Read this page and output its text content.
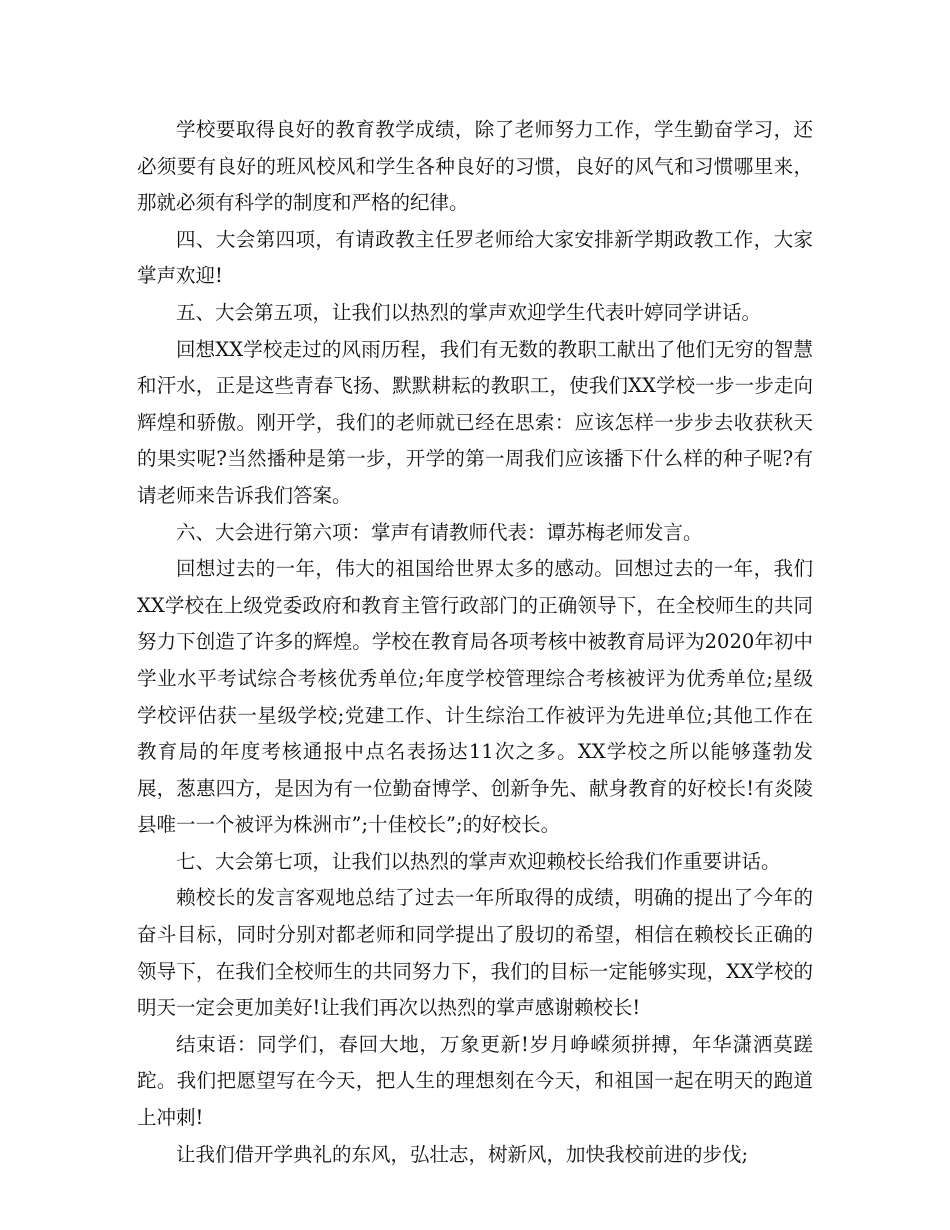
学校要取得良好的教育教学成绩，除了老师努力工作，学生勤奋学习，还必须要有良好的班风校风和学生各种良好的习惯，良好的风气和习惯哪里来，那就必须有科学的制度和严格的纪律。

四、大会第四项，有请政教主任罗老师给大家安排新学期政教工作，大家掌声欢迎!

五、大会第五项，让我们以热烈的掌声欢迎学生代表叶婷同学讲话。

回想XX学校走过的风雨历程，我们有无数的教职工献出了他们无穷的智慧和汗水，正是这些青春飞扬、默默耕耘的教职工，使我们XX学校一步一步走向辉煌和骄傲。刚开学，我们的老师就已经在思索：应该怎样一步步去收获秋天的果实呢?当然播种是第一步，开学的第一周我们应该播下什么样的种子呢?有请老师来告诉我们答案。

六、大会进行第六项：掌声有请教师代表：谭苏梅老师发言。

回想过去的一年，伟大的祖国给世界太多的感动。回想过去的一年，我们XX学校在上级党委政府和教育主管行政部门的正确领导下，在全校师生的共同努力下创造了许多的辉煌。学校在教育局各项考核中被教育局评为2020年初中学业水平考试综合考核优秀单位;年度学校管理综合考核被评为优秀单位;星级学校评估获一星级学校;党建工作、计生综治工作被评为先进单位;其他工作在教育局的年度考核通报中点名表扬达11次之多。XX学校之所以能够蓬勃发展，葱惠四方，是因为有一位勤奋博学、创新争先、献身教育的好校长!有炎陵县唯一一个被评为株洲市”;十佳校长”;的好校长。

七、大会第七项，让我们以热烈的掌声欢迎赖校长给我们作重要讲话。

赖校长的发言客观地总结了过去一年所取得的成绩，明确的提出了今年的奋斗目标，同时分别对都老师和同学提出了殷切的希望，相信在赖校长正确的领导下，在我们全校师生的共同努力下，我们的目标一定能够实现，XX学校的明天一定会更加美好!让我们再次以热烈的掌声感谢赖校长!

结束语：同学们，春回大地，万象更新!岁月峥嵘须拼搏，年华潇洒莫蹉跎。我们把愿望写在今天，把人生的理想刻在今天，和祖国一起在明天的跑道上冲刺!

让我们借开学典礼的东风，弘壮志，树新风，加快我校前进的步伐;
